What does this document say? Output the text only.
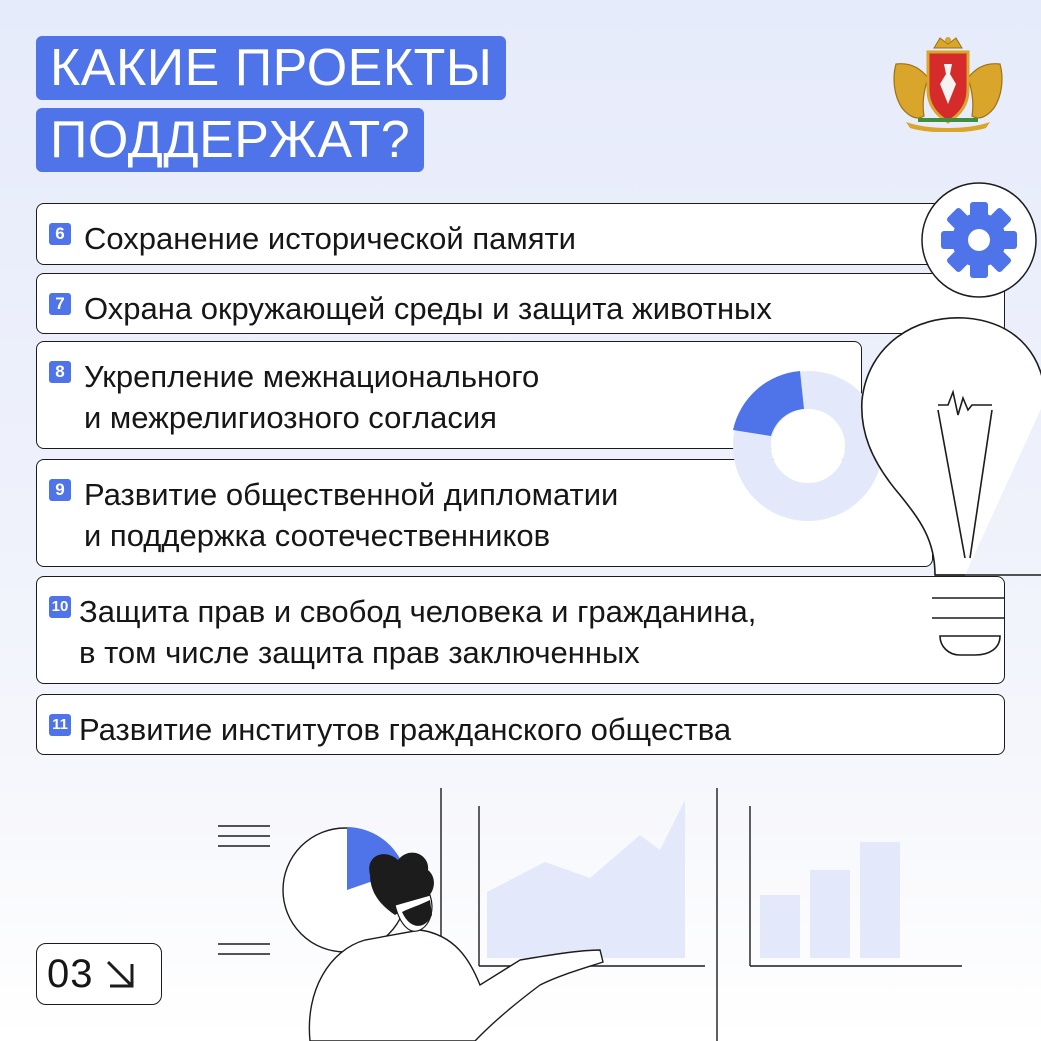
КАКИЕ ПРОЕКТЫ
ПОДДЕРЖАТ?
6 Сохранение исторической памяти
7 Охрана окружающей среды и защита животных
8 Укрепление межнационального
и межрелигиозного согласия
9 Развитие общественной дипломатии
и поддержка соотечественников
10 Защита прав и свобод человека и гражданина,
в том числе защита прав заключенных
11 Развитие институтов гражданского общества
03
